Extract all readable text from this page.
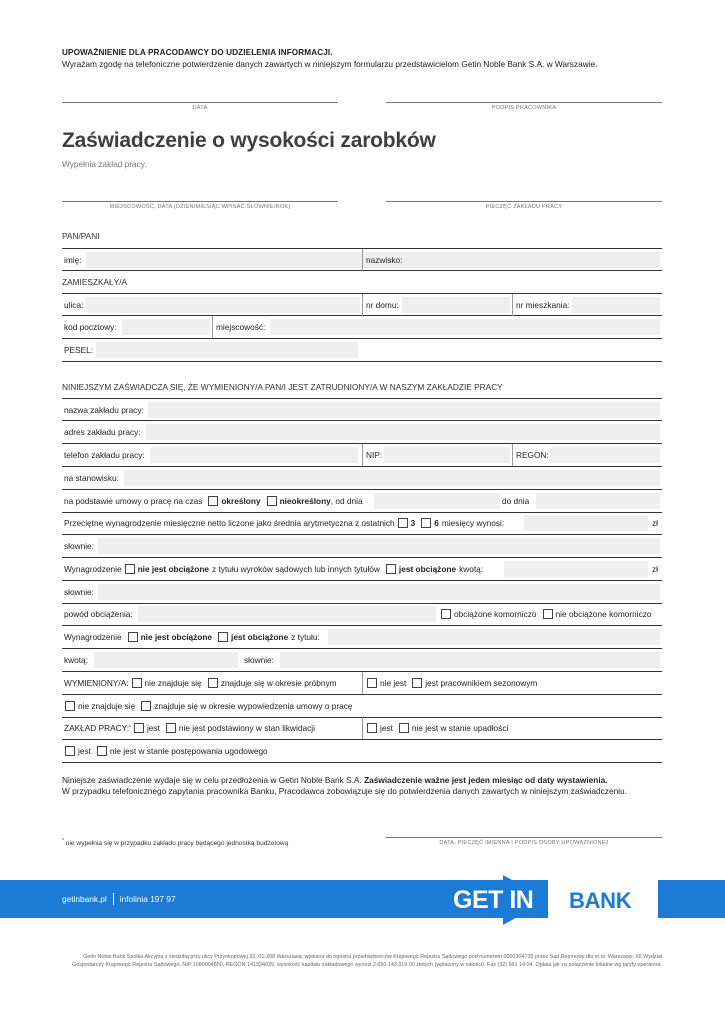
UPOWAŻNIENIE DLA PRACODAWCY DO UDZIELENIA INFORMACJI.
Wyrażam zgodę na telefoniczne potwierdzenie danych zawartych w niniejszym formularzu przedstawicielom Getin Noble Bank S.A. w Warszawie.
DATA	PODPIS PRACOWNIKA
Zaświadczenie o wysokości zarobków
Wypełnia zakład pracy.
MIEJSCOWOŚĆ, DATA (DZIEŃ/MIESIĄC WPISAĆ SŁOWNIE/ROK)	PIECZĘĆ ZAKŁADU PRACY
PAN/PANI
imię:	nazwisko:
ZAMIESZKAŁY/A
ulica:	nr domu:	nr mieszkania:
kod pocztowy:	miejscowość:
PESEL:
NINIEJSZYM ZAŚWIADCZA SIĘ, ŻE WYMIENIONY/A PAN/I JEST ZATRUDNIONY/A W NASZYM ZAKŁADZIE PRACY
nazwa zakładu pracy:
adres zakładu pracy:
telefon zakładu pracy:	NIP:	REGON:
na stanowisku:
na podstawie umowy o pracę na czas określony nieokreślony , od dnia	do dnia
Przeciętne wynagrodzenie miesięczne netto liczone jako średnia arytmetyczna z ostatnich 3 6 miesięcy wynosi:	zł
słownie:
Wynagrodzenie nie jest obciążone z tytułu wyroków sądowych lub innych tytułów jest obciążone kwotą:	zł
słownie:
powód obciążenia:	obciążone komorniczo nie obciążone komorniczo
Wynagrodzenie nie jest obciążone jest obciążone z tytułu:
kwotą:	słownie:
WYMIENIONY/A: nie znajduje się znajduje się w okresie próbnym	nie jest jest pracownikiem sezonowym
nie znajduje się znajduje się w okresie wypowiedzenia umowy o pracę
ZAKŁAD PRACY: * jest nie jest podstawiony w stan likwidacji	jest nie jest w stanie upadłości
jest nie jest w stanie postępowania ugodowego
Niniejsze zaświadczenie wydaje się w celu przedłożenia w Getin Noble Bank S.A. Zaświadczenie ważne jest jeden miesiąc od daty wystawienia.
W przypadku telefonicznego zapytania pracownika Banku, Pracodawca zobowiązuje się do potwierdzenia danych zawartych w niniejszym zaświadczeniu.
* nie wypełnia się w przypadku zakładu pracy będącego jednostką budżetową	DATA, PIECZĘĆ IMIENNA I PODPIS OSOBY UPOWAŻNIONEJ
getinbank.pl infolinia 197 97	GET IN BANK
Getin Noble Bank Spółka Akcyjna z siedzibą przy ulicy Przyokopowej 33, 01-208 Warszawa, wpisana do rejestru przedsiębiorców Krajowego Rejestru Sądowego pod numerem 0000304735 przez Sąd Rejonowy dla m.st. Warszawy, XII Wydział
Gospodarczy Krajowego Rejestru Sądowego, NIP 1080004850, REGON 141334039, wysokość kapitału zakładowego wynosi 2.650.143.319,00 złotych (wpłacony w całości). Fax (32) 661 14 04. Opłata jak za połączenie lokalne wg taryfy operatora.
